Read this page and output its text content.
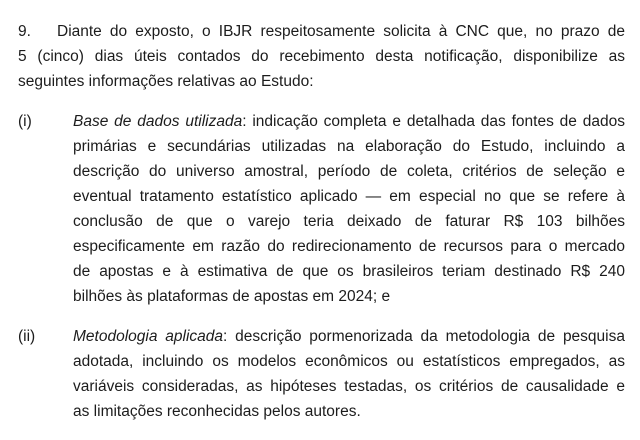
9. Diante do exposto, o IBJR respeitosamente solicita à CNC que, no prazo de
5 (cinco) dias úteis contados do recebimento desta notificação, disponibilize as
seguintes informações relativas ao Estudo:
(i)	Base de dados utilizada: indicação completa e detalhada das fontes de dados
primárias e secundárias utilizadas na elaboração do Estudo, incluindo a
descrição do universo amostral, período de coleta, critérios de seleção e
eventual tratamento estatístico aplicado — em especial no que se refere à
conclusão de que o varejo teria deixado de faturar R$ 103 bilhões
especificamente em razão do redirecionamento de recursos para o mercado
de apostas e à estimativa de que os brasileiros teriam destinado R$ 240
bilhões às plataformas de apostas em 2024; e
(ii) Metodologia aplicada: descrição pormenorizada da metodologia de pesquisa
adotada, incluindo os modelos econômicos ou estatísticos empregados, as
variáveis consideradas, as hipóteses testadas, os critérios de causalidade e
as limitações reconhecidas pelos autores.
